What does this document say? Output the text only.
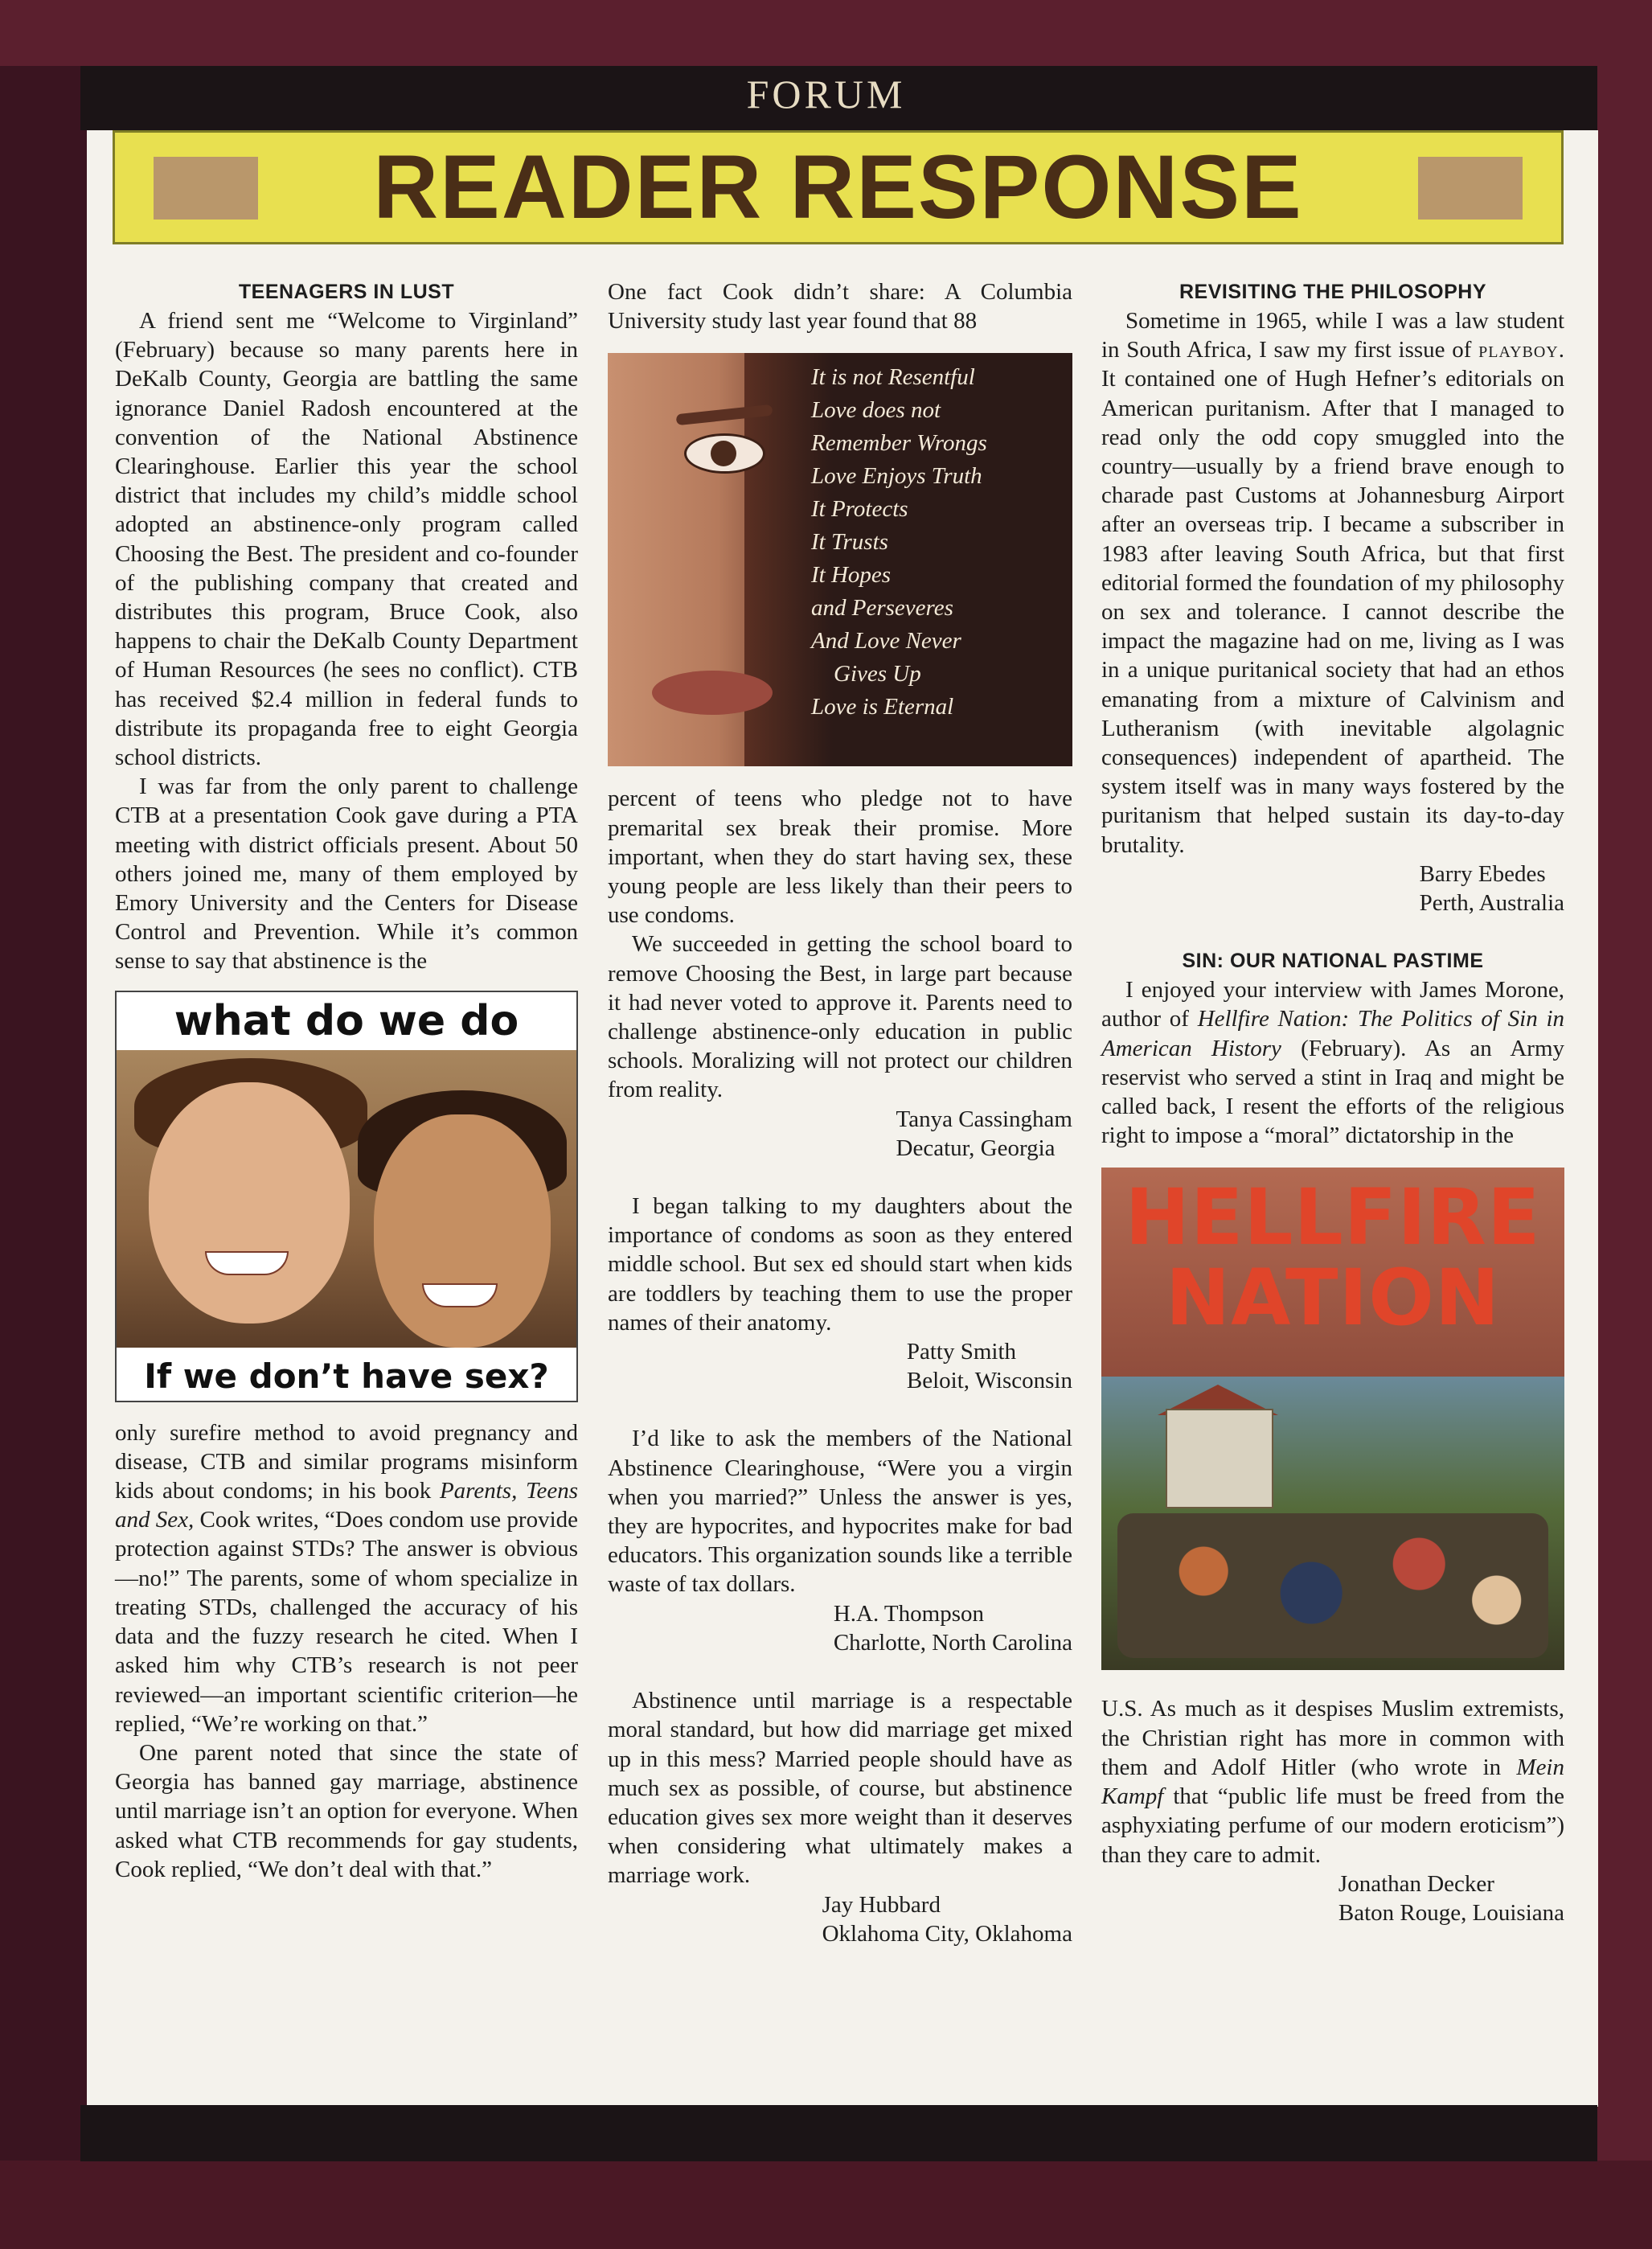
FORUM
READER RESPONSE

TEENAGERS IN LUST

A friend sent me “Welcome to Virginland” (February) because so many parents here in DeKalb County, Georgia are battling the same ignorance Daniel Radosh encountered at the convention of the National Abstinence Clearinghouse. Earlier this year the school district that includes my child’s middle school adopted an abstinence-only program called Choosing the Best. The president and co-founder of the publishing company that created and distributes this program, Bruce Cook, also happens to chair the DeKalb County Department of Human Resources (he sees no conflict). CTB has received $2.4 million in federal funds to distribute its propaganda free to eight Georgia school districts.

I was far from the only parent to challenge CTB at a presentation Cook gave during a PTA meeting with district officials present. About 50 others joined me, many of them employed by Emory University and the Centers for Disease Control and Prevention. While it’s common sense to say that abstinence is the

what do we do
If we don’t have sex?

only surefire method to avoid pregnancy and disease, CTB and similar programs misinform kids about condoms; in his book Parents, Teens and Sex, Cook writes, “Does condom use provide protection against STDs? The answer is obvious—no!” The parents, some of whom specialize in treating STDs, challenged the accuracy of his data and the fuzzy research he cited. When I asked him why CTB’s research is not peer reviewed—an important scientific criterion—he replied, “We’re working on that.”

One parent noted that since the state of Georgia has banned gay marriage, abstinence until marriage isn’t an option for everyone. When asked what CTB recommends for gay students, Cook replied, “We don’t deal with that.”

One fact Cook didn’t share: A Columbia University study last year found that 88

It is not Resentful
Love does not
Remember Wrongs
Love Enjoys Truth
It Protects
It Trusts
It Hopes
and Perseveres
And Love Never
Gives Up
Love is Eternal

percent of teens who pledge not to have premarital sex break their promise. More important, when they do start having sex, these young people are less likely than their peers to use condoms.

We succeeded in getting the school board to remove Choosing the Best, in large part because it had never voted to approve it. Parents need to challenge abstinence-only education in public schools. Moralizing will not protect our children from reality.

Tanya Cassingham
Decatur, Georgia

I began talking to my daughters about the importance of condoms as soon as they entered middle school. But sex ed should start when kids are toddlers by teaching them to use the proper names of their anatomy.

Patty Smith
Beloit, Wisconsin

I’d like to ask the members of the National Abstinence Clearinghouse, “Were you a virgin when you married?” Unless the answer is yes, they are hypocrites, and hypocrites make for bad educators. This organization sounds like a terrible waste of tax dollars.

H.A. Thompson
Charlotte, North Carolina

Abstinence until marriage is a respectable moral standard, but how did marriage get mixed up in this mess? Married people should have as much sex as possible, of course, but abstinence education gives sex more weight than it deserves when considering what ultimately makes a marriage work.

Jay Hubbard
Oklahoma City, Oklahoma

REVISITING THE PHILOSOPHY

Sometime in 1965, while I was a law student in South Africa, I saw my first issue of playboy. It contained one of Hugh Hefner’s editorials on American puritanism. After that I managed to read only the odd copy smuggled into the country—usually by a friend brave enough to charade past Customs at Johannesburg Airport after an overseas trip. I became a subscriber in 1983 after leaving South Africa, but that first editorial formed the foundation of my philosophy on sex and tolerance. I cannot describe the impact the magazine had on me, living as I was in a unique puritanical society that had an ethos emanating from a mixture of Calvinism and Lutheranism (with inevitable algolagnic consequences) independent of apartheid. The system itself was in many ways fostered by the puritanism that helped sustain its day-to-day brutality.

Barry Ebedes
Perth, Australia

SIN: OUR NATIONAL PASTIME

I enjoyed your interview with James Morone, author of Hellfire Nation: The Politics of Sin in American History (February). As an Army reservist who served a stint in Iraq and might be called back, I resent the efforts of the religious right to impose a “moral” dictatorship in the

HELLFIRE
NATION

U.S. As much as it despises Muslim extremists, the Christian right has more in common with them and Adolf Hitler (who wrote in Mein Kampf that “public life must be freed from the asphyxiating perfume of our modern eroticism”) than they care to admit.

Jonathan Decker
Baton Rouge, Louisiana
